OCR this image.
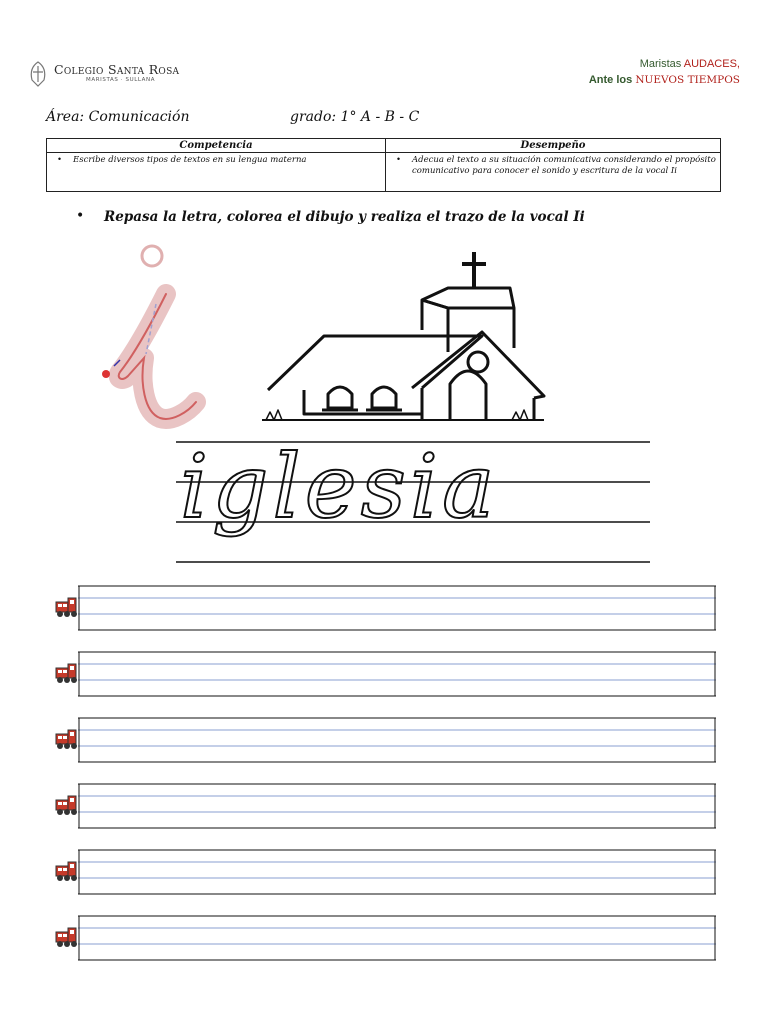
Colegio Santa Rosa
MARISTAS · SULLANA
Maristas AUDACES,
Ante los NUEVOS TIEMPOS
Área: Comunicación	grado: 1° A - B - C
Competencia	Desempeño
• Escribe diversos tipos de textos en su lengua materna	• Adecua el texto a su situación comunicativa considerando el propósito comunicativo para conocer el sonido y escritura de la vocal Ii
• Repasa la letra, colorea el dibujo y realiza el trazo de la vocal Ii
iglesia
